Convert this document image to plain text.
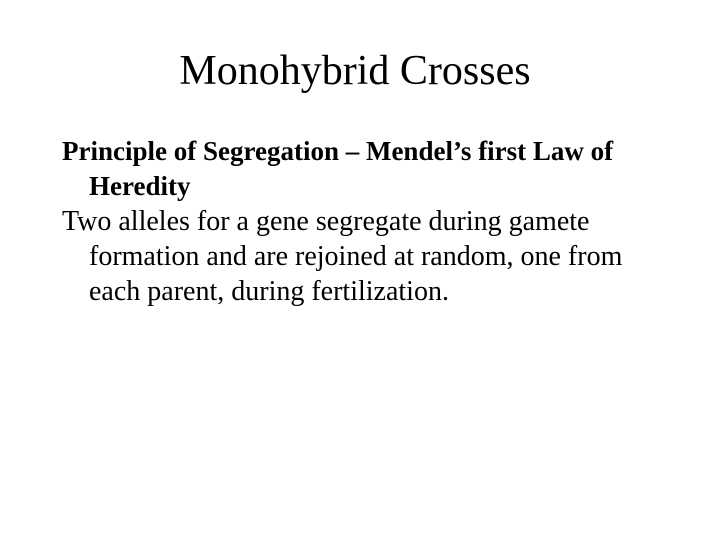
Monohybrid Crosses

Principle of Segregation – Mendel’s first Law of Heredity

Two alleles for a gene segregate during gamete formation and are rejoined at random, one from each parent, during fertilization.
